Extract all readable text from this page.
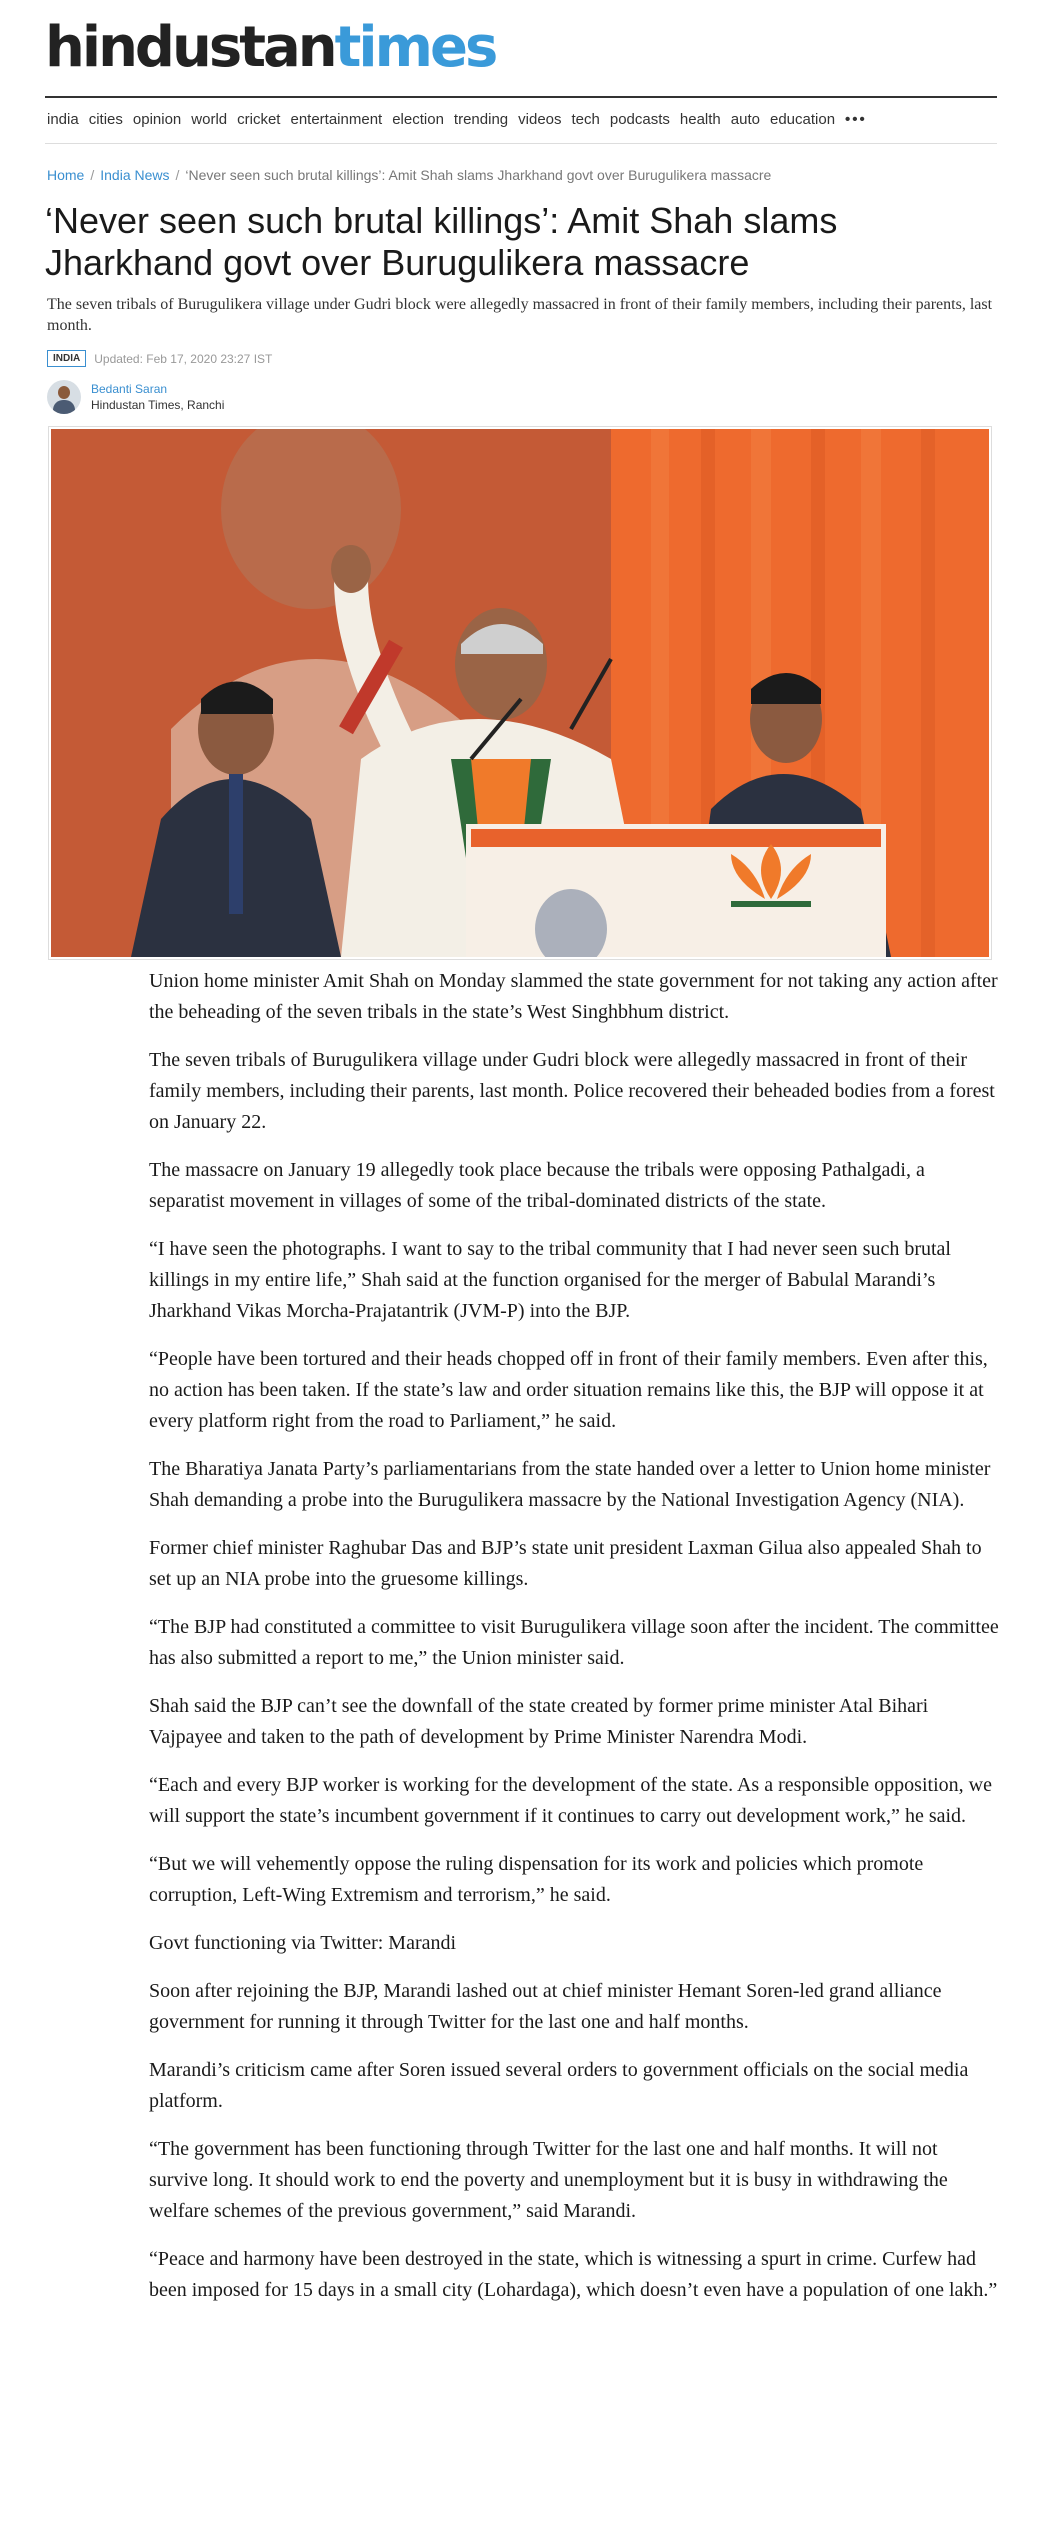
hindustantimes
india cities opinion world cricket entertainment election trending videos tech podcasts health auto education •••
Home / India News / ‘Never seen such brutal killings’: Amit Shah slams Jharkhand govt over Burugulikera massacre
‘Never seen such brutal killings’: Amit Shah slams Jharkhand govt over Burugulikera massacre
The seven tribals of Burugulikera village under Gudri block were allegedly massacred in front of their family members, including their parents, last month.
INDIA	Updated: Feb 17, 2020 23:27 IST
Bedanti Saran
Hindustan Times, Ranchi

Union home minister Amit Shah on Monday slammed the state government for not taking any action after the beheading of the seven tribals in the state’s West Singhbhum district.

The seven tribals of Burugulikera village under Gudri block were allegedly massacred in front of their family members, including their parents, last month. Police recovered their beheaded bodies from a forest on January 22.

The massacre on January 19 allegedly took place because the tribals were opposing Pathalgadi, a separatist movement in villages of some of the tribal-dominated districts of the state.

“I have seen the photographs. I want to say to the tribal community that I had never seen such brutal killings in my entire life,” Shah said at the function organised for the merger of Babulal Marandi’s Jharkhand Vikas Morcha-Prajatantrik (JVM-P) into the BJP.

“People have been tortured and their heads chopped off in front of their family members. Even after this, no action has been taken. If the state’s law and order situation remains like this, the BJP will oppose it at every platform right from the road to Parliament,” he said.

The Bharatiya Janata Party’s parliamentarians from the state handed over a letter to Union home minister Shah demanding a probe into the Burugulikera massacre by the National Investigation Agency (NIA).

Former chief minister Raghubar Das and BJP’s state unit president Laxman Gilua also appealed Shah to set up an NIA probe into the gruesome killings.

“The BJP had constituted a committee to visit Burugulikera village soon after the incident. The committee has also submitted a report to me,” the Union minister said.

Shah said the BJP can’t see the downfall of the state created by former prime minister Atal Bihari Vajpayee and taken to the path of development by Prime Minister Narendra Modi.

“Each and every BJP worker is working for the development of the state. As a responsible opposition, we will support the state’s incumbent government if it continues to carry out development work,” he said.

“But we will vehemently oppose the ruling dispensation for its work and policies which promote corruption, Left-Wing Extremism and terrorism,” he said.

Govt functioning via Twitter: Marandi

Soon after rejoining the BJP, Marandi lashed out at chief minister Hemant Soren-led grand alliance government for running it through Twitter for the last one and half months.

Marandi’s criticism came after Soren issued several orders to government officials on the social media platform.

“The government has been functioning through Twitter for the last one and half months. It will not survive long. It should work to end the poverty and unemployment but it is busy in withdrawing the welfare schemes of the previous government,” said Marandi.

“Peace and harmony have been destroyed in the state, which is witnessing a spurt in crime. Curfew had been imposed for 15 days in a small city (Lohardaga), which doesn’t even have a population of one lakh.”
